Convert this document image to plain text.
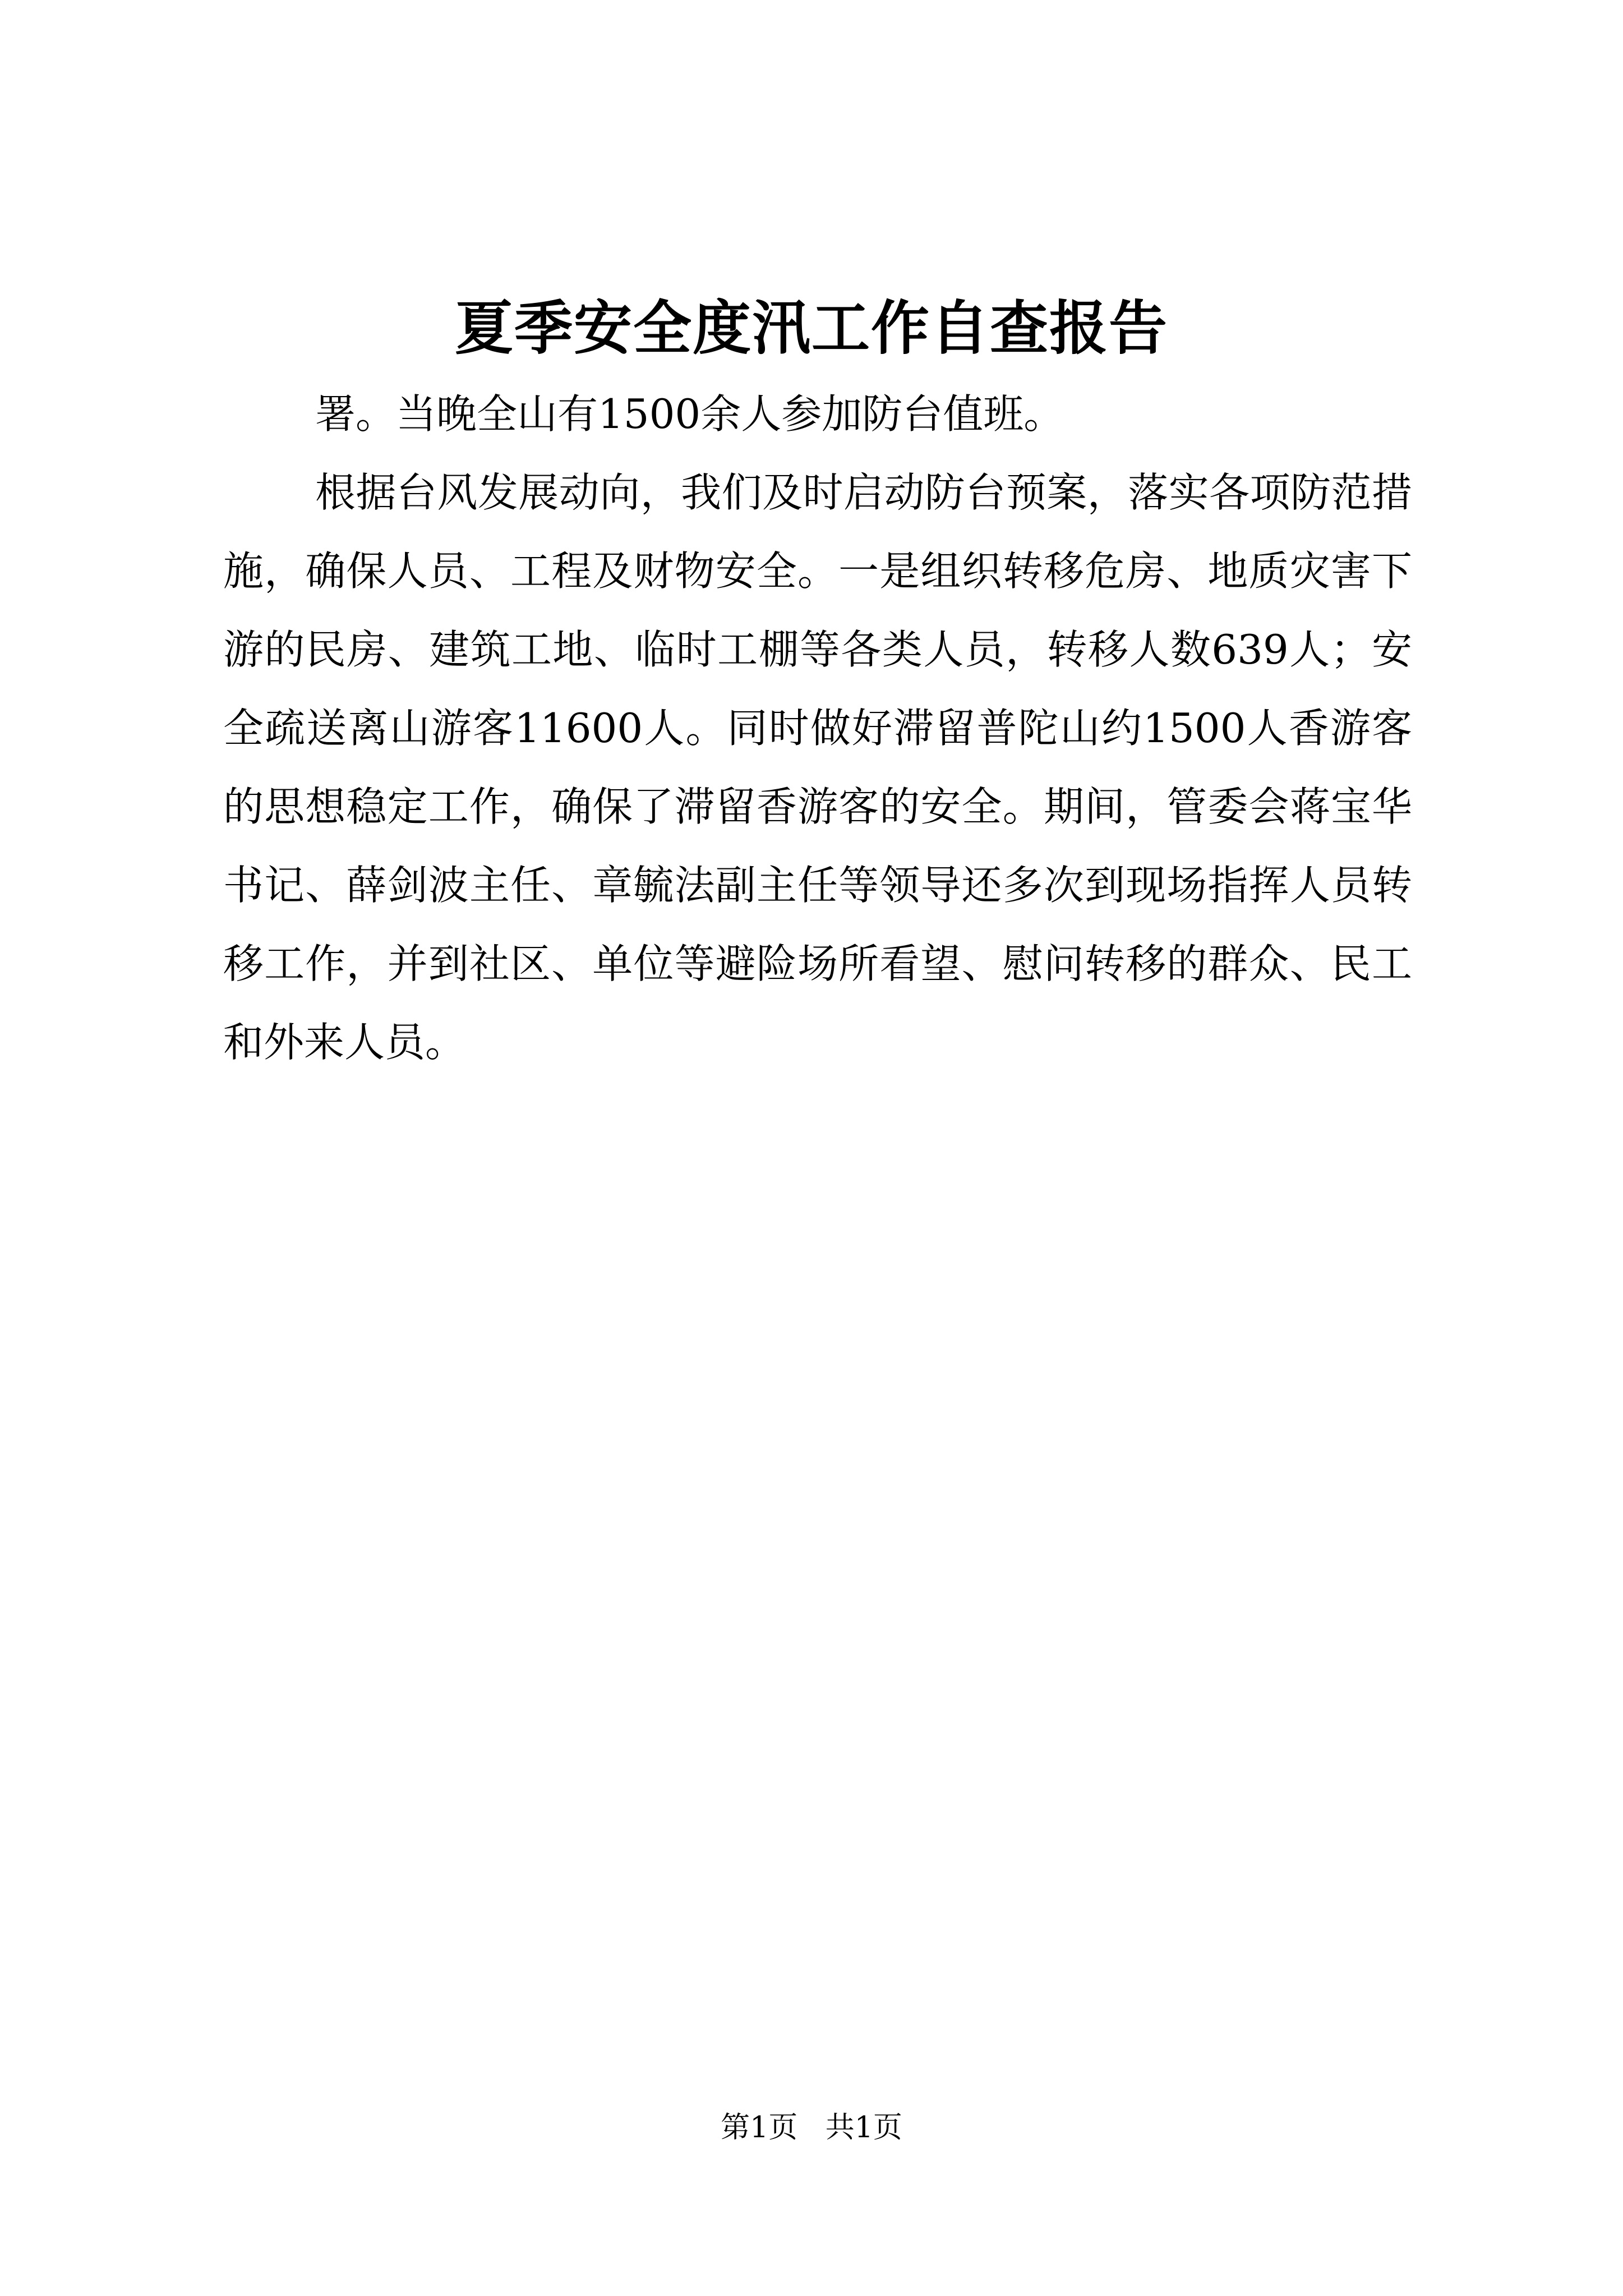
夏季安全度汛工作自查报告

署。当晚全山有1500余人参加防台值班。

根据台风发展动向，我们及时启动防台预案，落实各项防范措施，确保人员、工程及财物安全。一是组织转移危房、地质灾害下游的民房、建筑工地、临时工棚等各类人员，转移人数639人；安全疏送离山游客11600人。同时做好滞留普陀山约1500人香游客的思想稳定工作，确保了滞留香游客的安全。期间，管委会蒋宝华书记、薛剑波主任、章毓法副主任等领导还多次到现场指挥人员转移工作，并到社区、单位等避险场所看望、慰问转移的群众、民工和外来人员。

第1页 共1页
